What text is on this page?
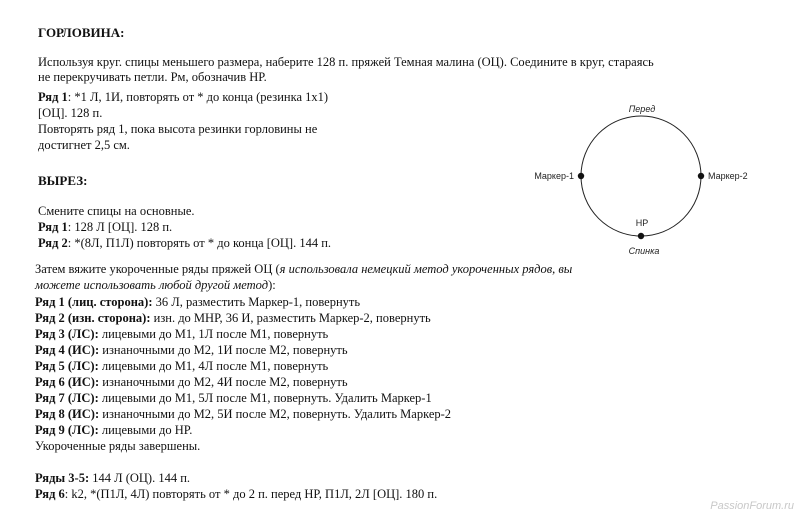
ГОРЛОВИНА:
Используя круг. спицы меньшего размера, наберите 128 п. пряжей Темная малина (ОЦ). Соедините в круг, стараясь
не перекручивать петли. Рм, обозначив НР.
Ряд 1: *1 Л, 1И, повторять от * до конца (резинка 1х1)
[ОЦ]. 128 п.
Повторять ряд 1, пока высота резинки горловины не
достигнет 2,5 см.
ВЫРЕЗ:
Смените спицы на основные.
Ряд 1: 128 Л [ОЦ]. 128 п.
Ряд 2: *(8Л, П1Л) повторять от * до конца [ОЦ]. 144 п.
Затем вяжите укороченные ряды пряжей ОЦ (я использовала немецкий метод укороченных рядов, вы
можете использовать любой другой метод):
Ряд 1 (лиц. сторона): 36 Л, разместить Маркер-1, повернуть
Ряд 2 (изн. сторона): изн. до МНР, 36 И, разместить Маркер-2, повернуть
Ряд 3 (ЛС): лицевыми до М1, 1Л после М1, повернуть
Ряд 4 (ИС): изнаночными до М2, 1И после М2, повернуть
Ряд 5 (ЛС): лицевыми до М1, 4Л после М1, повернуть
Ряд 6 (ИС): изнаночными до М2, 4И после М2, повернуть
Ряд 7 (ЛС): лицевыми до М1, 5Л после М1, повернуть. Удалить Маркер-1
Ряд 8 (ИС): изнаночными до М2, 5И после М2, повернуть. Удалить Маркер-2
Ряд 9 (ЛС): лицевыми до НР.
Укороченные ряды завершены.
Ряды 3-5: 144 Л (ОЦ). 144 п.
Ряд 6: k2, *(П1Л, 4Л) повторять от * до 2 п. перед НР, П1Л, 2Л [ОЦ]. 180 п.
Перед
Маркер-1	Маркер-2
НР
Спинка
PassionForum.ru
